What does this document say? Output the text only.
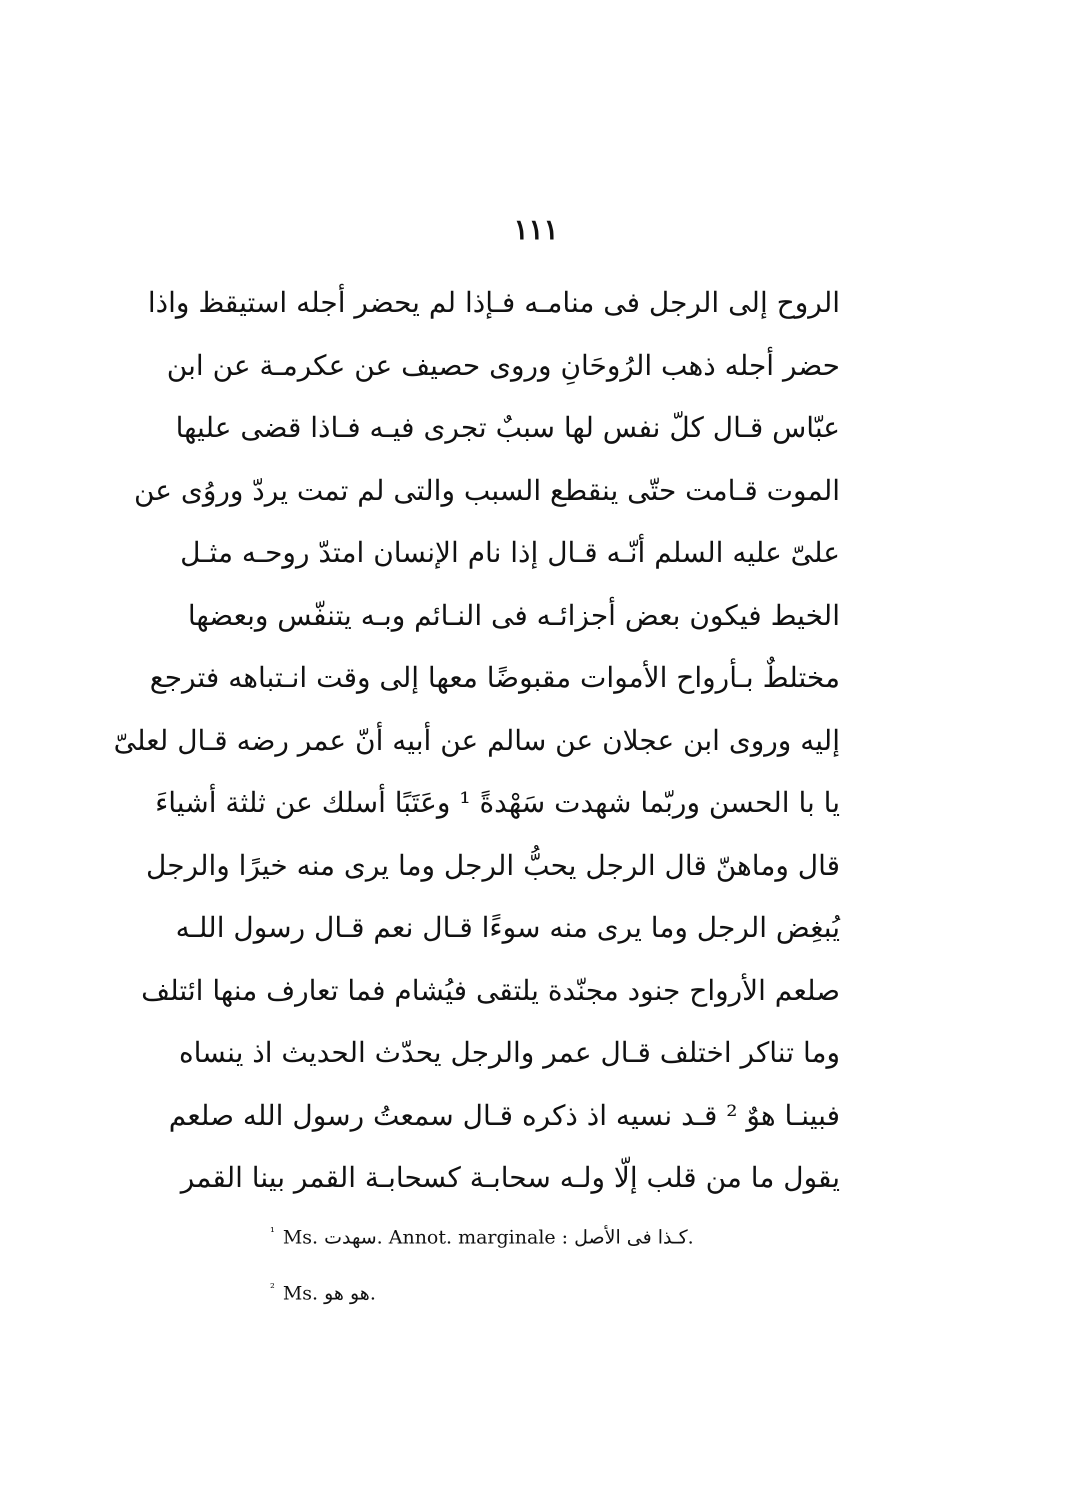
١١١
الروح إلى الرجل فى منامـه فـإذا لم يحضر أجله استيقظ واذا
حضر أجله ذهب الرُوحَانِ وروى حصيف عن عكرمـة عن ابن
عبّاس قـال كلّ نفس لها سببٌ تجرى فيـه فـاذا قضى عليها
الموت قـامت حتّى ينقطع السبب والتى لم تمت يردّ وروُى عن
علىّ عليه السلم أنّـه قـال إذا نام الإنسان امتدّ روحـه مثـل
الخيط فيكون بعض أجزائـه فى النـائم وبـه يتنفّس وبعضها
مختلطٌ بـأرواح الأموات مقبوضًا معها إلى وقت انـتباهه فترجع
إليه وروى ابن عجلان عن سالم عن أبيه أنّ عمر رضه قـال لعلىّ
يا با الحسن وربّما شهدت سَهْدةً ¹ وعَتَبًا أسلك عن ثلثة أشياءَ
قال وماهنّ قال الرجل يحبُّ الرجل وما يرى منه خيرًا والرجل
يُبغِض الرجل وما يرى منه سوءًا قـال نعم قـال رسول اللـه
صلعم الأرواح جنود مجنّدة يلتقى فيُشام فما تعارف منها ائتلف
وما تناكر اختلف قـال عمر والرجل يحدّث الحديث اذ ينساه
فبينـا هوٌ ² قـد نسيه اذ ذكره قـال سمعتُ رسول الله صلعم
يقول ما من قلب إلّا ولـه سحابـة كسحابـة القمر بينا القمر
$^{^1}$ Ms. سهدت. Annot. marginale : كـذا فى الأصل.
$^{^2}$ Ms. هو هو.
